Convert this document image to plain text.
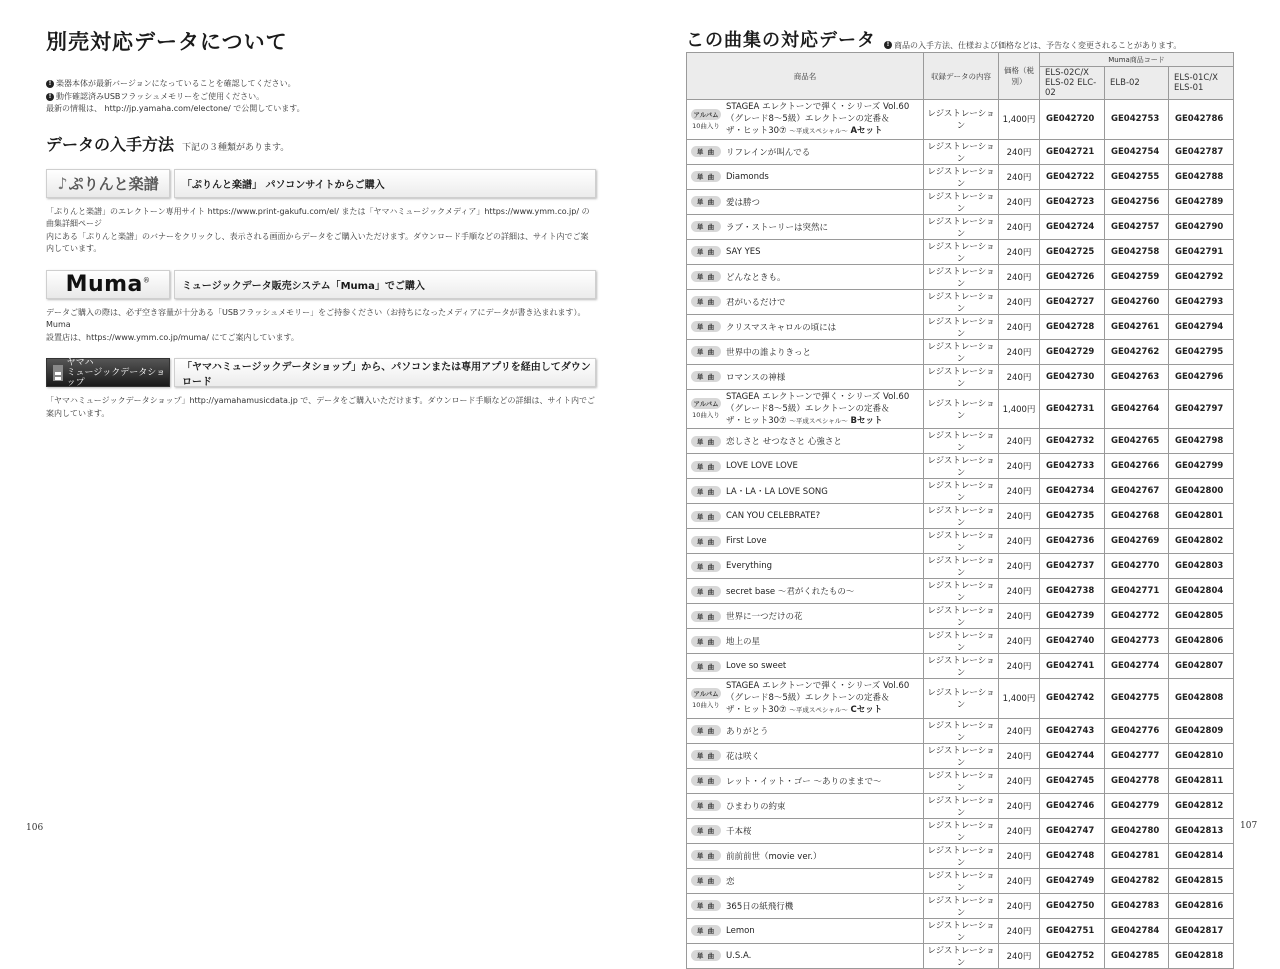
別売対応データについて
! 楽器本体が最新バージョンになっていることを確認してください。
! 動作確認済みUSBフラッシュメモリーをご使用ください。
最新の情報は、 http://jp.yamaha.com/electone/ で公開しています。
データの入手方法 下記の３種類があります。
♪ぷりんと楽譜	「ぷりんと楽譜」 パソコンサイトからご購入
「ぷりんと楽譜」のエレクトーン専用サイト https://www.print-gakufu.com/el/ または「ヤマハミュージックメディア」https://www.ymm.co.jp/ の曲集詳細ページ
内にある「ぷりんと楽譜」のバナーをクリックし、表示される画面からデータをご購入いただけます。ダウンロード手順などの詳細は、サイト内でご案内しています。
Muma®
ミュージックデータ販売システム「Muma」でご購入
データご購入の際は、必ず空き容量が十分ある「USBフラッシュメモリー」をご持参ください（お持ちになったメディアにデータが書き込まれます）。Muma
設置店は、https://www.ymm.co.jp/muma/ にてご案内しています。
ヤマハ
ミュージックデータショップ
「ヤマハミュージックデータショップ」から、パソコンまたは専用アプリを経由してダウンロード
「ヤマハミュージックデータショップ」http://yamahamusicdata.jp で、データをご購入いただけます。ダウンロード手順などの詳細は、サイト内でご案内しています。
106
この曲集の対応データ	! 商品の入手方法、仕様および価格などは、予告なく変更されることがあります。
商品名	収録データの内容	価格（税別）	Muma商品コード		
			ELS-02C/X ELS-02 ELC-02	ELB-02	ELS-01C/X ELS-01

アルバム
10曲入り
STAGEA エレクトーンで弾く・シリーズ Vol.60
（グレード8〜5級）エレクトーンの定番＆
ザ・ヒット30⑦ 〜平成スペシャル〜 Aセット	レジストレーション	1,400円	GE042720	GE042753	GE042786

単 曲 リフレインが叫んでる	レジストレーション	240円	GE042721	GE042754	GE042787

単 曲 Diamonds	レジストレーション	240円	GE042722	GE042755	GE042788

単 曲 愛は勝つ	レジストレーション	240円	GE042723	GE042756	GE042789

単 曲 ラブ・ストーリーは突然に	レジストレーション	240円	GE042724	GE042757	GE042790

単 曲 SAY YES	レジストレーション	240円	GE042725	GE042758	GE042791

単 曲 どんなときも。	レジストレーション	240円	GE042726	GE042759	GE042792

単 曲 君がいるだけで	レジストレーション	240円	GE042727	GE042760	GE042793

単 曲 クリスマスキャロルの頃には	レジストレーション	240円	GE042728	GE042761	GE042794

単 曲 世界中の誰よりきっと	レジストレーション	240円	GE042729	GE042762	GE042795

単 曲 ロマンスの神様	レジストレーション	240円	GE042730	GE042763	GE042796

アルバム
10曲入り
STAGEA エレクトーンで弾く・シリーズ Vol.60
（グレード8〜5級）エレクトーンの定番＆
ザ・ヒット30⑦ 〜平成スペシャル〜 Bセット	レジストレーション	1,400円	GE042731	GE042764	GE042797

単 曲 恋しさと せつなさと 心強さと	レジストレーション	240円	GE042732	GE042765	GE042798

単 曲 LOVE LOVE LOVE	レジストレーション	240円	GE042733	GE042766	GE042799

単 曲 LA・LA・LA LOVE SONG	レジストレーション	240円	GE042734	GE042767	GE042800

単 曲 CAN YOU CELEBRATE?	レジストレーション	240円	GE042735	GE042768	GE042801

単 曲 First Love	レジストレーション	240円	GE042736	GE042769	GE042802

単 曲 Everything	レジストレーション	240円	GE042737	GE042770	GE042803

単 曲 secret base 〜君がくれたもの〜	レジストレーション	240円	GE042738	GE042771	GE042804

単 曲 世界に一つだけの花	レジストレーション	240円	GE042739	GE042772	GE042805

単 曲 地上の星	レジストレーション	240円	GE042740	GE042773	GE042806

単 曲 Love so sweet	レジストレーション	240円	GE042741	GE042774	GE042807

アルバム
10曲入り
STAGEA エレクトーンで弾く・シリーズ Vol.60
（グレード8〜5級）エレクトーンの定番＆
ザ・ヒット30⑦ 〜平成スペシャル〜 Cセット	レジストレーション	1,400円	GE042742	GE042775	GE042808

単 曲 ありがとう	レジストレーション	240円	GE042743	GE042776	GE042809

単 曲 花は咲く	レジストレーション	240円	GE042744	GE042777	GE042810

単 曲 レット・イット・ゴー 〜ありのままで〜	レジストレーション	240円	GE042745	GE042778	GE042811

単 曲 ひまわりの約束	レジストレーション	240円	GE042746	GE042779	GE042812

単 曲 千本桜	レジストレーション	240円	GE042747	GE042780	GE042813

単 曲 前前前世（movie ver.）	レジストレーション	240円	GE042748	GE042781	GE042814

単 曲 恋	レジストレーション	240円	GE042749	GE042782	GE042815

単 曲 365日の紙飛行機	レジストレーション	240円	GE042750	GE042783	GE042816

単 曲 Lemon	レジストレーション	240円	GE042751	GE042784	GE042817

単 曲 U.S.A.	レジストレーション	240円	GE042752	GE042785	GE042818
107
